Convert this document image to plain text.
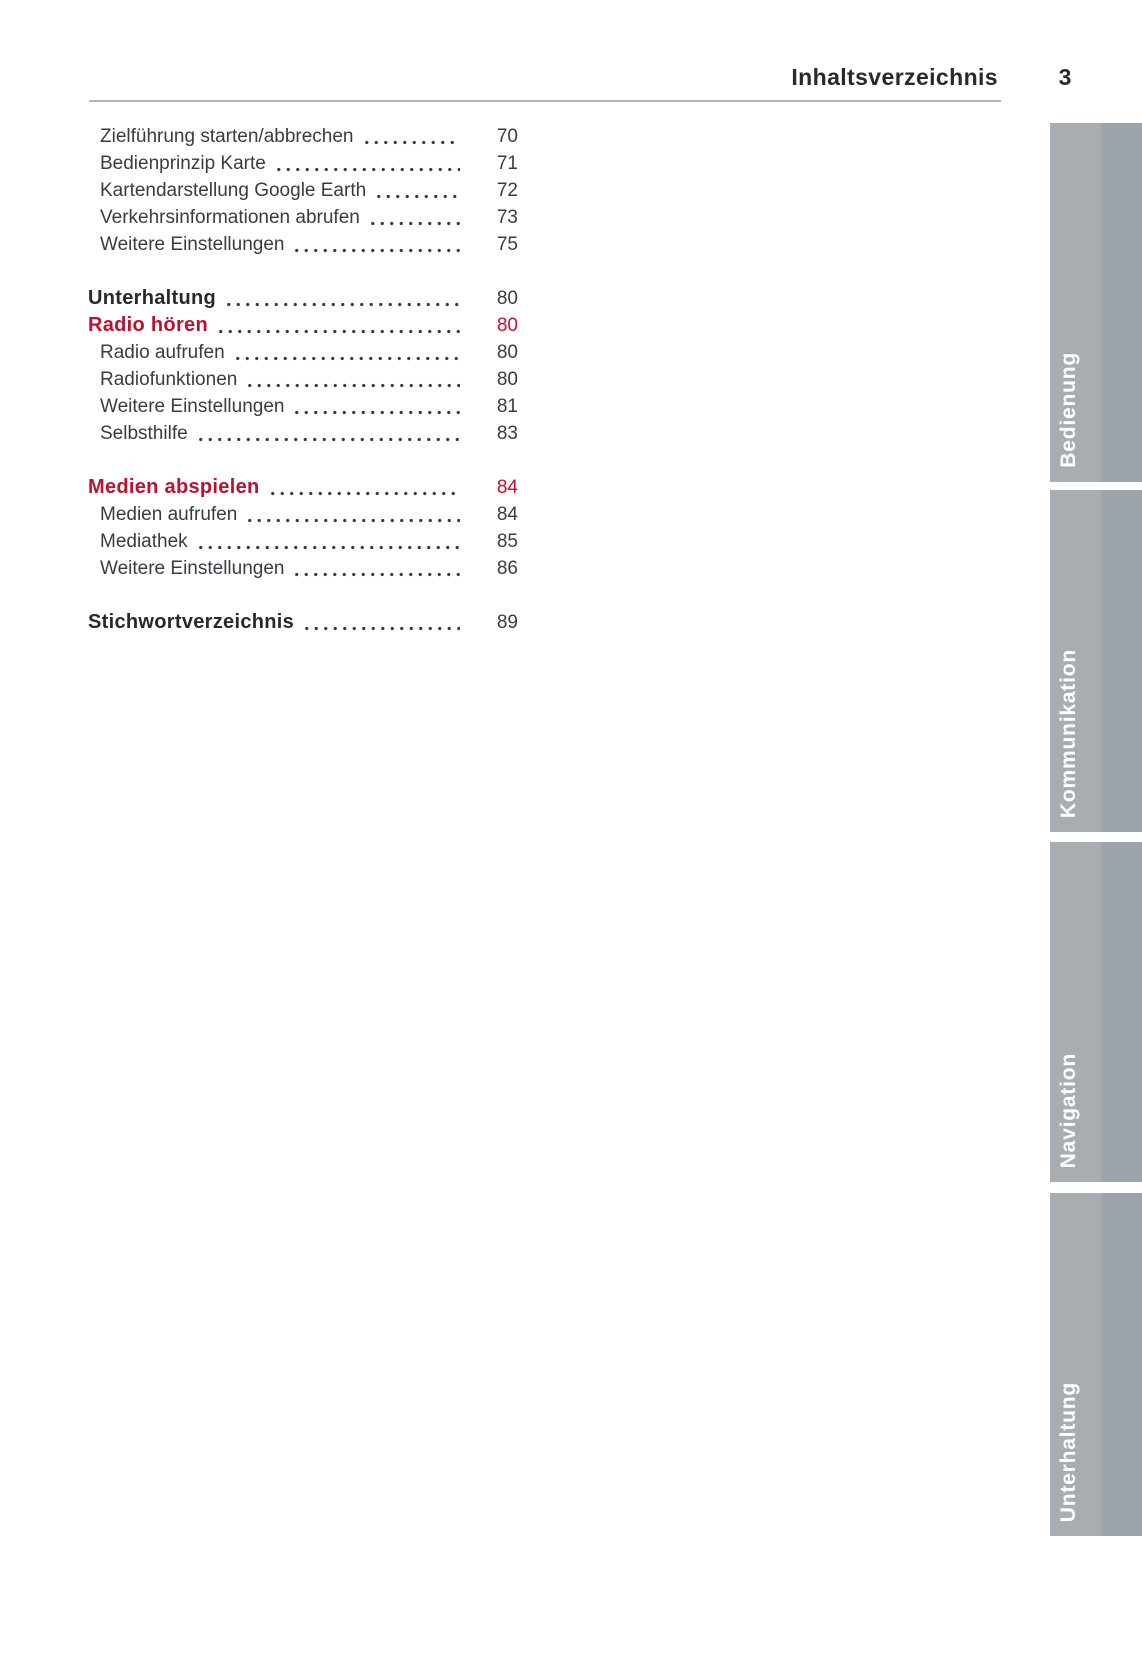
Inhaltsverzeichnis	3
Zielführung starten/abbrechen	70
Bedienprinzip Karte	71
Kartendarstellung Google Earth	72
Verkehrsinformationen abrufen	73
Weitere Einstellungen	75
Unterhaltung	80
Radio hören	80
Radio aufrufen	80
Radiofunktionen	80
Weitere Einstellungen	81
Selbsthilfe	83
Medien abspielen	84
Medien aufrufen	84
Mediathek	85
Weitere Einstellungen	86
Stichwortverzeichnis	89
Bedienung
Kommunikation
Navigation
Unterhaltung
